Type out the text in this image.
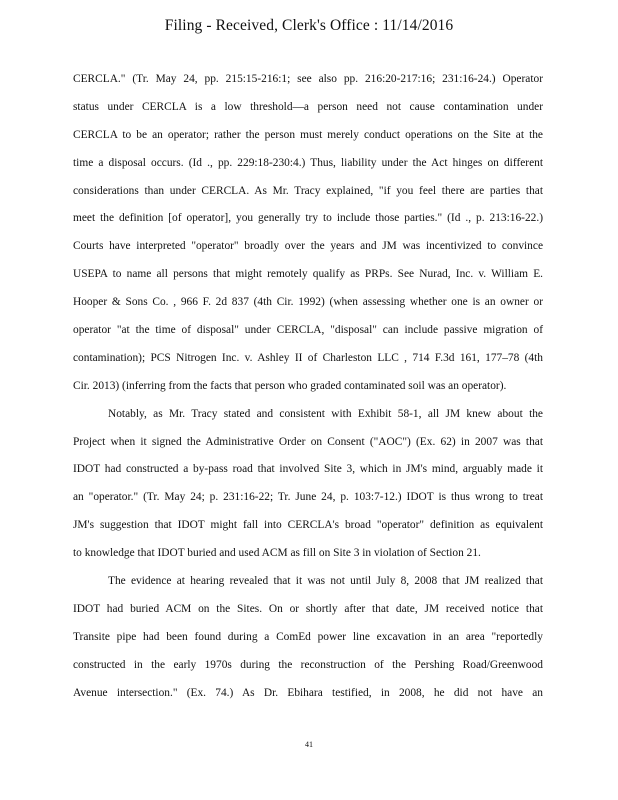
Filing - Received, Clerk's Office : 11/14/2016
CERCLA." (Tr. May 24, pp. 215:15-216:1; see also pp. 216:20-217:16; 231:16-24.) Operator
status under CERCLA is a low threshold—a person need not cause contamination under
CERCLA to be an operator; rather the person must merely conduct operations on the Site at the
time a disposal occurs. (Id ., pp. 229:18-230:4.) Thus, liability under the Act hinges on different
considerations than under CERCLA. As Mr. Tracy explained, "if you feel there are parties that
meet the definition [of operator], you generally try to include those parties." (Id ., p. 213:16-22.)
Courts have interpreted "operator" broadly over the years and JM was incentivized to convince
USEPA to name all persons that might remotely qualify as PRPs. See Nurad, Inc. v. William E.
Hooper & Sons Co. , 966 F. 2d 837 (4th Cir. 1992) (when assessing whether one is an owner or
operator "at the time of disposal" under CERCLA, "disposal" can include passive migration of
contamination); PCS Nitrogen Inc. v. Ashley II of Charleston LLC , 714 F.3d 161, 177–78 (4th
Cir. 2013) (inferring from the facts that person who graded contaminated soil was an operator).
Notably, as Mr. Tracy stated and consistent with Exhibit 58-1, all JM knew about the
Project when it signed the Administrative Order on Consent ("AOC") (Ex. 62) in 2007 was that
IDOT had constructed a by-pass road that involved Site 3, which in JM's mind, arguably made it
an "operator." (Tr. May 24; p. 231:16-22; Tr. June 24, p. 103:7-12.) IDOT is thus wrong to treat
JM's suggestion that IDOT might fall into CERCLA's broad "operator" definition as equivalent
to knowledge that IDOT buried and used ACM as fill on Site 3 in violation of Section 21.
The evidence at hearing revealed that it was not until July 8, 2008 that JM realized that
IDOT had buried ACM on the Sites. On or shortly after that date, JM received notice that
Transite pipe had been found during a ComEd power line excavation in an area "reportedly
constructed in the early 1970s during the reconstruction of the Pershing Road/Greenwood
Avenue intersection." (Ex. 74.) As Dr. Ebihara testified, in 2008, he did not have an
41
